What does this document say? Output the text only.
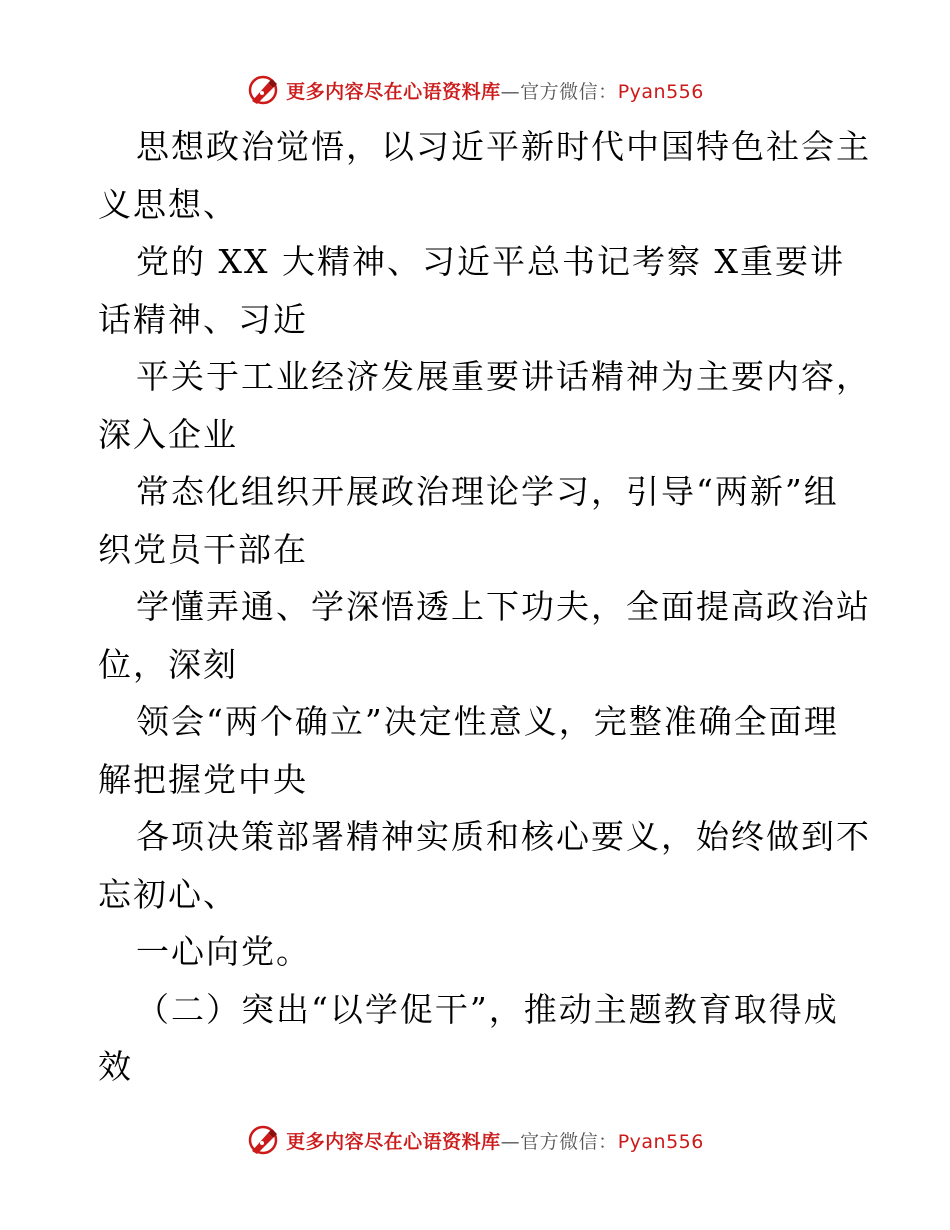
更多内容尽在心语资料库—官方微信：Pyan556
思想政治觉悟，以习近平新时代中国特色社会主
义思想、
党的 XX 大精神、习近平总书记考察 X重要讲
话精神、习近
平关于工业经济发展重要讲话精神为主要内容，
深入企业
常态化组织开展政治理论学习，引导“两新”组
织党员干部在
学懂弄通、学深悟透上下功夫，全面提高政治站
位，深刻
领会“两个确立”决定性意义，完整准确全面理
解把握党中央
各项决策部署精神实质和核心要义，始终做到不
忘初心、
一心向党。
（二）突出“以学促干”，推动主题教育取得成
效
更多内容尽在心语资料库—官方微信：Pyan556
